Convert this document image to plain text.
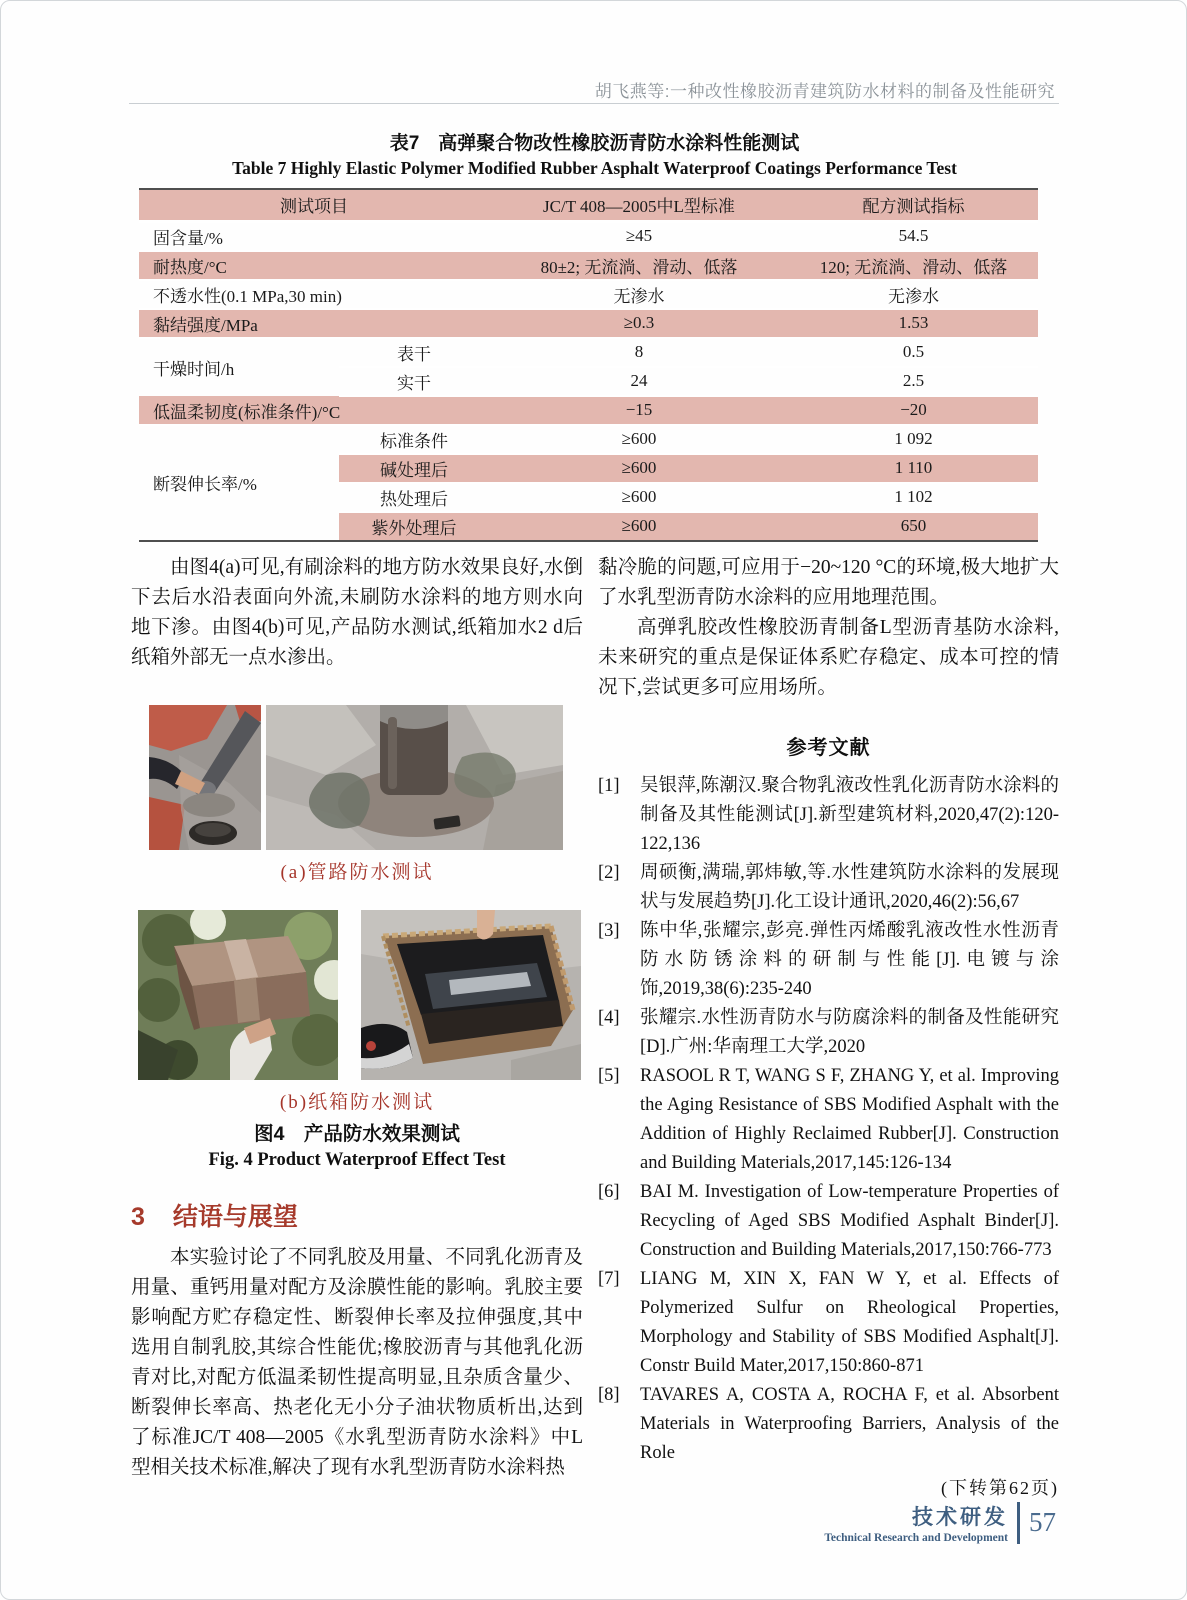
胡飞燕等:一种改性橡胶沥青建筑防水材料的制备及性能研究
表7　高弹聚合物改性橡胶沥青防水涂料性能测试
Table 7 Highly Elastic Polymer Modified Rubber Asphalt Waterproof Coatings Performance Test
测试项目		JC/T 408—2005中L型标准	配方测试指标
固含量/%		≥45	54.5
耐热度/°C		80±2; 无流淌、滑动、低落	120; 无流淌、滑动、低落
不透水性(0.1 MPa,30 min)		无渗水	无渗水
黏结强度/MPa		≥0.3	1.53
干燥时间/h	表干	8	0.5
	实干	24	2.5
低温柔韧度(标准条件)/°C		−15	−20
断裂伸长率/%	标准条件	≥600	1 092
	碱处理后	≥600	1 110
	热处理后	≥600	1 102
	紫外处理后	≥600	650

由图4(a)可见,有刷涂料的地方防水效果良好,水倒下去后水沿表面向外流,未刷防水涂料的地方则水向地下渗。由图4(b)可见,产品防水测试,纸箱加水2 d后纸箱外部无一点水渗出。

(a)管路防水测试
(b)纸箱防水测试
图4　产品防水效果测试
Fig. 4 Product Waterproof Effect Test
3 结语与展望

本实验讨论了不同乳胶及用量、不同乳化沥青及用量、重钙用量对配方及涂膜性能的影响。乳胶主要影响配方贮存稳定性、断裂伸长率及拉伸强度,其中选用自制乳胶,其综合性能优;橡胶沥青与其他乳化沥青对比,对配方低温柔韧性提高明显,且杂质含量少、断裂伸长率高、热老化无小分子油状物质析出,达到了标准JC/T 408—2005《水乳型沥青防水涂料》中L型相关技术标准,解决了现有水乳型沥青防水涂料热

黏冷脆的问题,可应用于−20~120 °C的环境,极大地扩大了水乳型沥青防水涂料的应用地理范围。

高弹乳胶改性橡胶沥青制备L型沥青基防水涂料,未来研究的重点是保证体系贮存稳定、成本可控的情况下,尝试更多可应用场所。

参考文献
[1]	吴银萍,陈潮汉.聚合物乳液改性乳化沥青防水涂料的制备及其性能测试[J].新型建筑材料,2020,47(2):120-122,136
[2]	周硕衡,满瑞,郭炜敏,等.水性建筑防水涂料的发展现状与发展趋势[J].化工设计通讯,2020,46(2):56,67
[3]	陈中华,张耀宗,彭亮.弹性丙烯酸乳液改性水性沥青防水防锈涂料的研制与性能[J].电镀与涂饰,2019,38(6):235-240
[4]	张耀宗.水性沥青防水与防腐涂料的制备及性能研究[D].广州:华南理工大学,2020
[5]	RASOOL R T, WANG S F, ZHANG Y, et al. Improving the Aging Resistance of SBS Modified Asphalt with the Addition of Highly Reclaimed Rubber[J]. Construction and Building Materials,2017,145:126-134
[6]	BAI M. Investigation of Low-temperature Properties of Recycling of Aged SBS Modified Asphalt Binder[J]. Construction and Building Materials,2017,150:766-773
[7]	LIANG M, XIN X, FAN W Y, et al. Effects of Polymerized Sulfur on Rheological Properties, Morphology and Stability of SBS Modified Asphalt[J]. Constr Build Mater,2017,150:860-871
[8]	TAVARES A, COSTA A, ROCHA F, et al. Absorbent Materials in Waterproofing Barriers, Analysis of the Role
(下转第62页)
技术研发
Technical Research and Development
57
